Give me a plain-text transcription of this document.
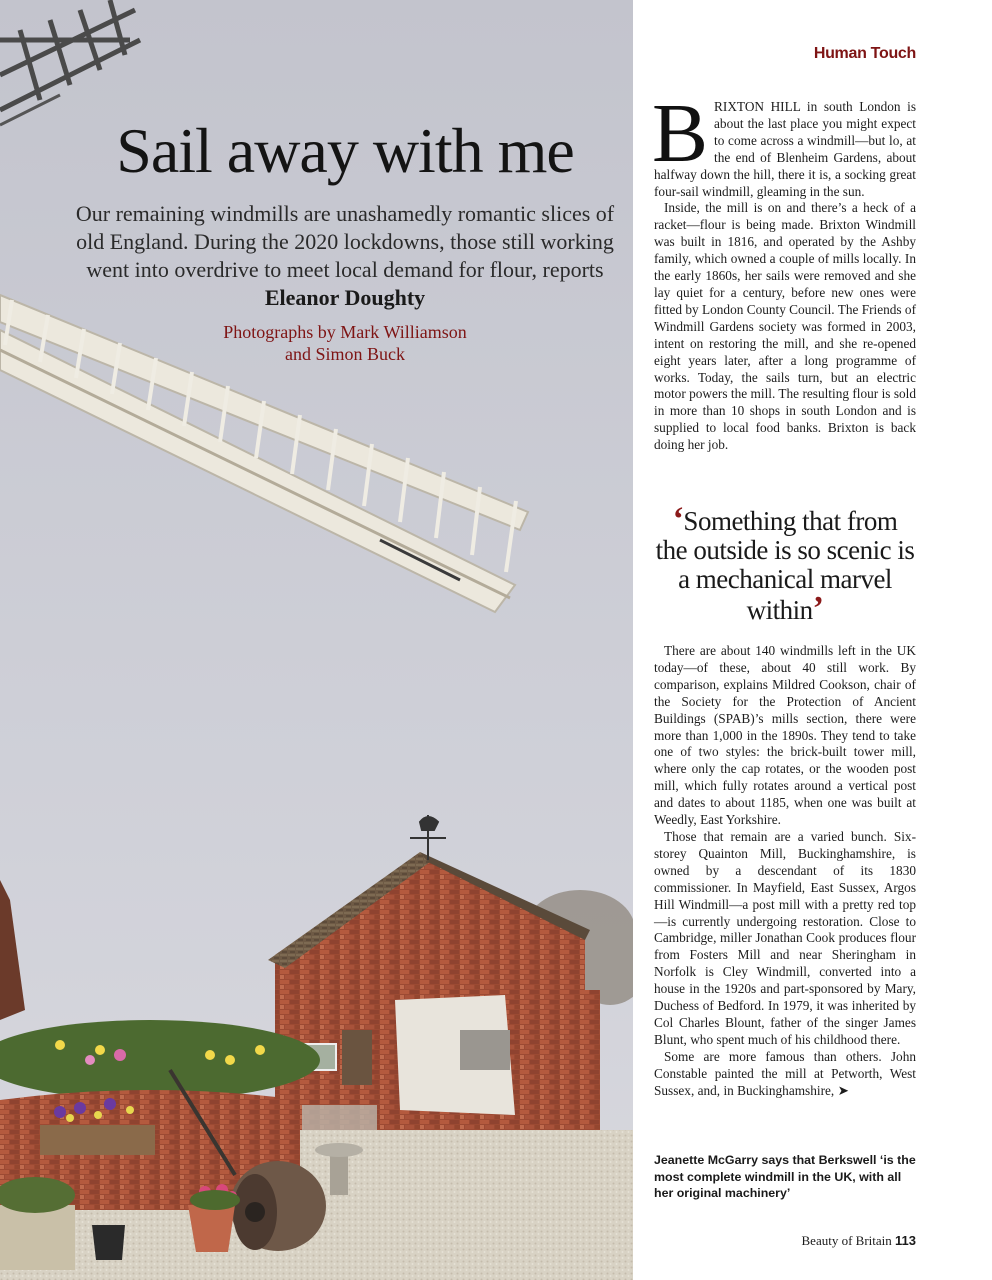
Sail away with me

Our remaining windmills are unashamedly romantic slices of old England. During the 2020 lockdowns, those still working went into overdrive to meet local demand for flour, reports Eleanor Doughty

Photographs by Mark Williamson
and Simon Buck

Human Touch
B RIXTON HILL in south London is about the last place you might expect to come across a windmill—but lo, at the end of Blenheim Gardens, about halfway down the hill, there it is, a socking great four-sail windmill, gleaming in the sun.

Inside, the mill is on and there’s a heck of a racket—flour is being made. Brixton Windmill was built in 1816, and operated by the Ashby family, which owned a couple of mills locally. In the early 1860s, her sails were removed and she lay quiet for a century, before new ones were fitted by London County Council. The Friends of Windmill Gardens society was formed in 2003, intent on restoring the mill, and she re-opened eight years later, after a long programme of works. Today, the sails turn, but an electric motor powers the mill. The resulting flour is sold in more than 10 shops in south London and is supplied to local food banks. Brixton is back doing her job.

‘Something that from the outside is so scenic is a mechanical marvel within’

There are about 140 windmills left in the UK today—of these, about 40 still work. By comparison, explains Mildred Cookson, chair of the Society for the Protection of Ancient Buildings (SPAB)’s mills section, there were more than 1,000 in the 1890s. They tend to take one of two styles: the brick-built tower mill, where only the cap rotates, or the wooden post mill, which fully rotates around a vertical post and dates to about 1185, when one was built at Weedly, East Yorkshire.

Those that remain are a varied bunch. Six-storey Quainton Mill, Buckinghamshire, is owned by a descendant of its 1830 commissioner. In Mayfield, East Sussex, Argos Hill Windmill—a post mill with a pretty red top—is currently undergoing restoration. Close to Cambridge, miller Jonathan Cook produces flour from Fosters Mill and near Sheringham in Norfolk is Cley Windmill, converted into a house in the 1920s and part-sponsored by Mary, Duchess of Bedford. In 1979, it was inherited by Col Charles Blount, father of the singer James Blunt, who spent much of his childhood there.

Some are more famous than others. John Constable painted the mill at Petworth, West Sussex, and, in Buckinghamshire, ➤

Jeanette McGarry says that Berkswell ‘is the most complete windmill in the UK, with all her original machinery’

Beauty of Britain 113
